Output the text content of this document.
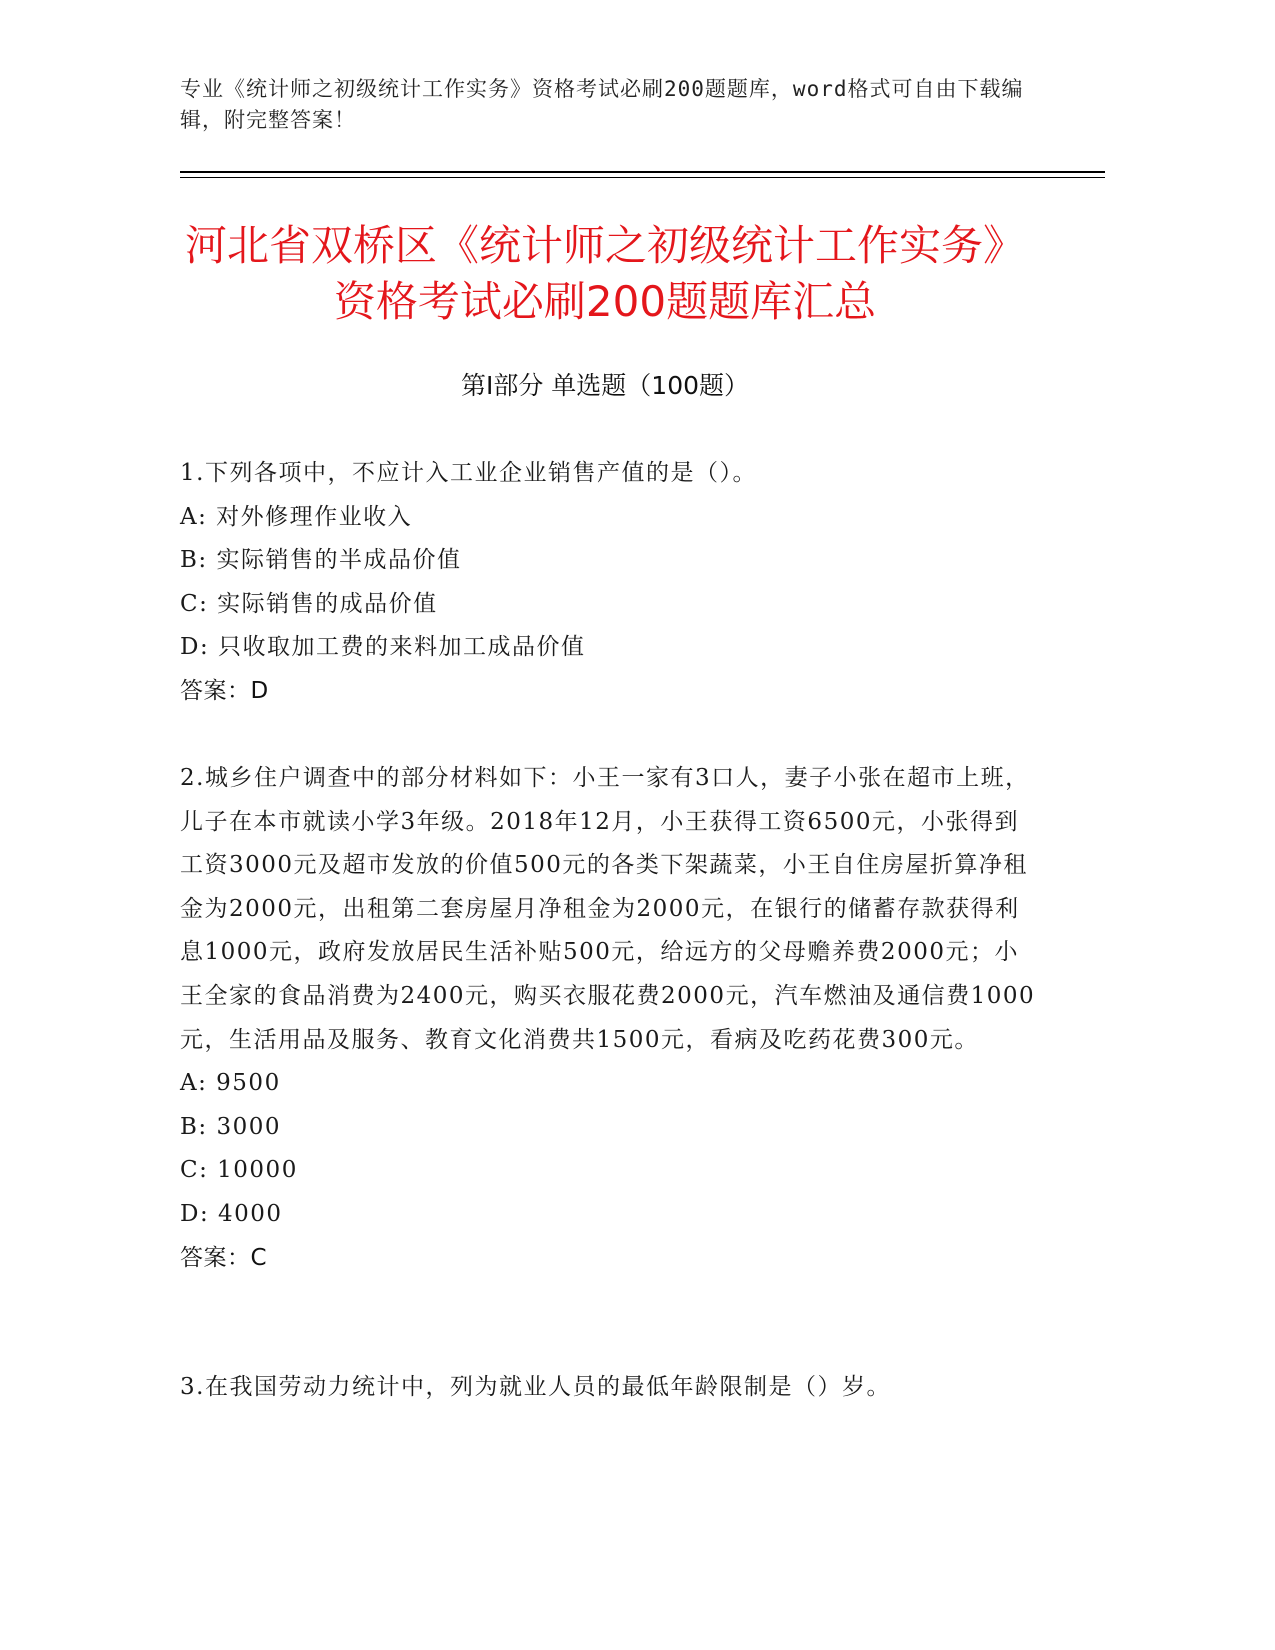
专业《统计师之初级统计工作实务》资格考试必刷200题题库，word格式可自由下载编辑，附完整答案！
河北省双桥区《统计师之初级统计工作实务》资格考试必刷200题题库汇总
第I部分 单选题（100题）
1.下列各项中，不应计入工业企业销售产值的是（）。
A: 对外修理作业收入
B: 实际销售的半成品价值
C: 实际销售的成品价值
D: 只收取加工费的来料加工成品价值
答案：D
2.城乡住户调查中的部分材料如下：小王一家有3口人，妻子小张在超市上班，儿子在本市就读小学3年级。2018年12月，小王获得工资6500元，小张得到工资3000元及超市发放的价值500元的各类下架蔬菜，小王自住房屋折算净租金为2000元，出租第二套房屋月净租金为2000元，在银行的储蓄存款获得利息1000元，政府发放居民生活补贴500元，给远方的父母赡养费2000元；小王全家的食品消费为2400元，购买衣服花费2000元，汽车燃油及通信费1000元，生活用品及服务、教育文化消费共1500元，看病及吃药花费300元。
A: 9500
B: 3000
C: 10000
D: 4000
答案：C
3.在我国劳动力统计中，列为就业人员的最低年龄限制是（）岁。
